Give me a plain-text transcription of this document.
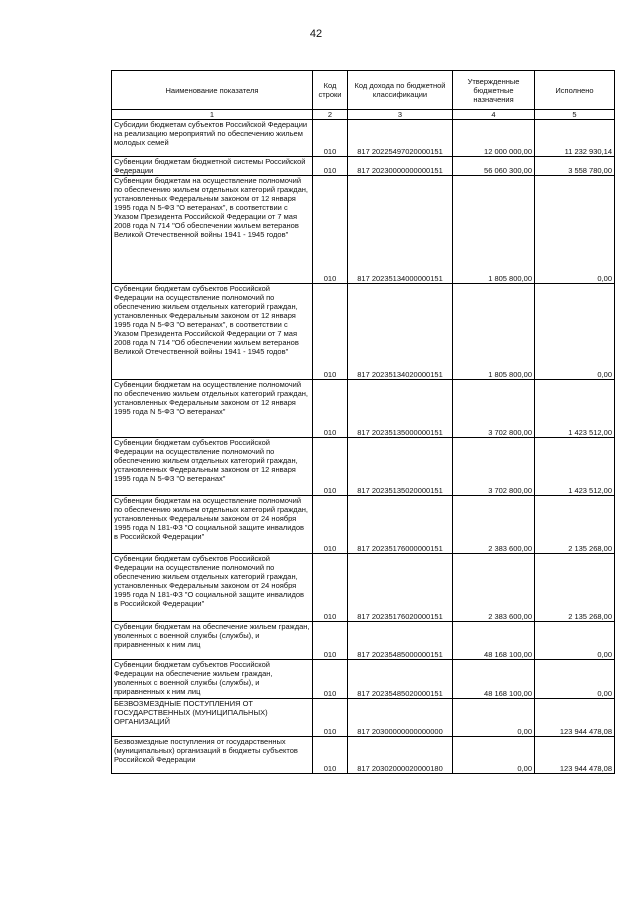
42
Наименование показателя	Код строки	Код дохода по бюджетной классификации	Утвержденные бюджетные назначения	Исполнено
1	2	3	4	5
Субсидии бюджетам субъектов Российской Федерации на реализацию мероприятий по обеспечению жильем молодых семей	010	817 20225497020000151	12 000 000,00	11 232 930,14
Субвенции бюджетам бюджетной системы Российской Федерации	010	817 20230000000000151	56 060 300,00	3 558 780,00
Субвенции бюджетам на осуществление полномочий по обеспечению жильем отдельных категорий граждан, установленных Федеральным законом от 12 января 1995 года N 5-ФЗ "О ветеранах", в соответствии с Указом Президента Российской Федерации от 7 мая 2008 года N 714 "Об обеспечении жильем ветеранов Великой Отечественной войны 1941 - 1945 годов"	010	817 20235134000000151	1 805 800,00	0,00
Субвенции бюджетам субъектов Российской Федерации на осуществление полномочий по обеспечению жильем отдельных категорий граждан, установленных Федеральным законом от 12 января 1995 года N 5-ФЗ "О ветеранах", в соответствии с Указом Президента Российской Федерации от 7 мая 2008 года N 714 "Об обеспечении жильем ветеранов Великой Отечественной войны 1941 - 1945 годов"	010	817 20235134020000151	1 805 800,00	0,00
Субвенции бюджетам на осуществление полномочий по обеспечению жильем отдельных категорий граждан, установленных Федеральным законом от 12 января 1995 года N 5-ФЗ "О ветеранах"	010	817 20235135000000151	3 702 800,00	1 423 512,00
Субвенции бюджетам субъектов Российской Федерации на осуществление полномочий по обеспечению жильем отдельных категорий граждан, установленных Федеральным законом от 12 января 1995 года N 5-ФЗ "О ветеранах"	010	817 20235135020000151	3 702 800,00	1 423 512,00
Субвенции бюджетам на осуществление полномочий по обеспечению жильем отдельных категорий граждан, установленных Федеральным законом от 24 ноября 1995 года N 181-ФЗ "О социальной защите инвалидов в Российской Федерации"	010	817 20235176000000151	2 383 600,00	2 135 268,00
Субвенции бюджетам субъектов Российской Федерации на осуществление полномочий по обеспечению жильем отдельных категорий граждан, установленных Федеральным законом от 24 ноября 1995 года N 181-ФЗ "О социальной защите инвалидов в Российской Федерации"	010	817 20235176020000151	2 383 600,00	2 135 268,00
Субвенции бюджетам на обеспечение жильем граждан, уволенных с военной службы (службы), и приравненных к ним лиц	010	817 20235485000000151	48 168 100,00	0,00
Субвенции бюджетам субъектов Российской Федерации на обеспечение жильем граждан, уволенных с военной службы (службы), и приравненных к ним лиц	010	817 20235485020000151	48 168 100,00	0,00
БЕЗВОЗМЕЗДНЫЕ ПОСТУПЛЕНИЯ ОТ ГОСУДАРСТВЕННЫХ (МУНИЦИПАЛЬНЫХ) ОРГАНИЗАЦИЙ	010	817 20300000000000000	0,00	123 944 478,08
Безвозмездные поступления от государственных (муниципальных) организаций в бюджеты субъектов Российской Федерации	010	817 20302000020000180	0,00	123 944 478,08
